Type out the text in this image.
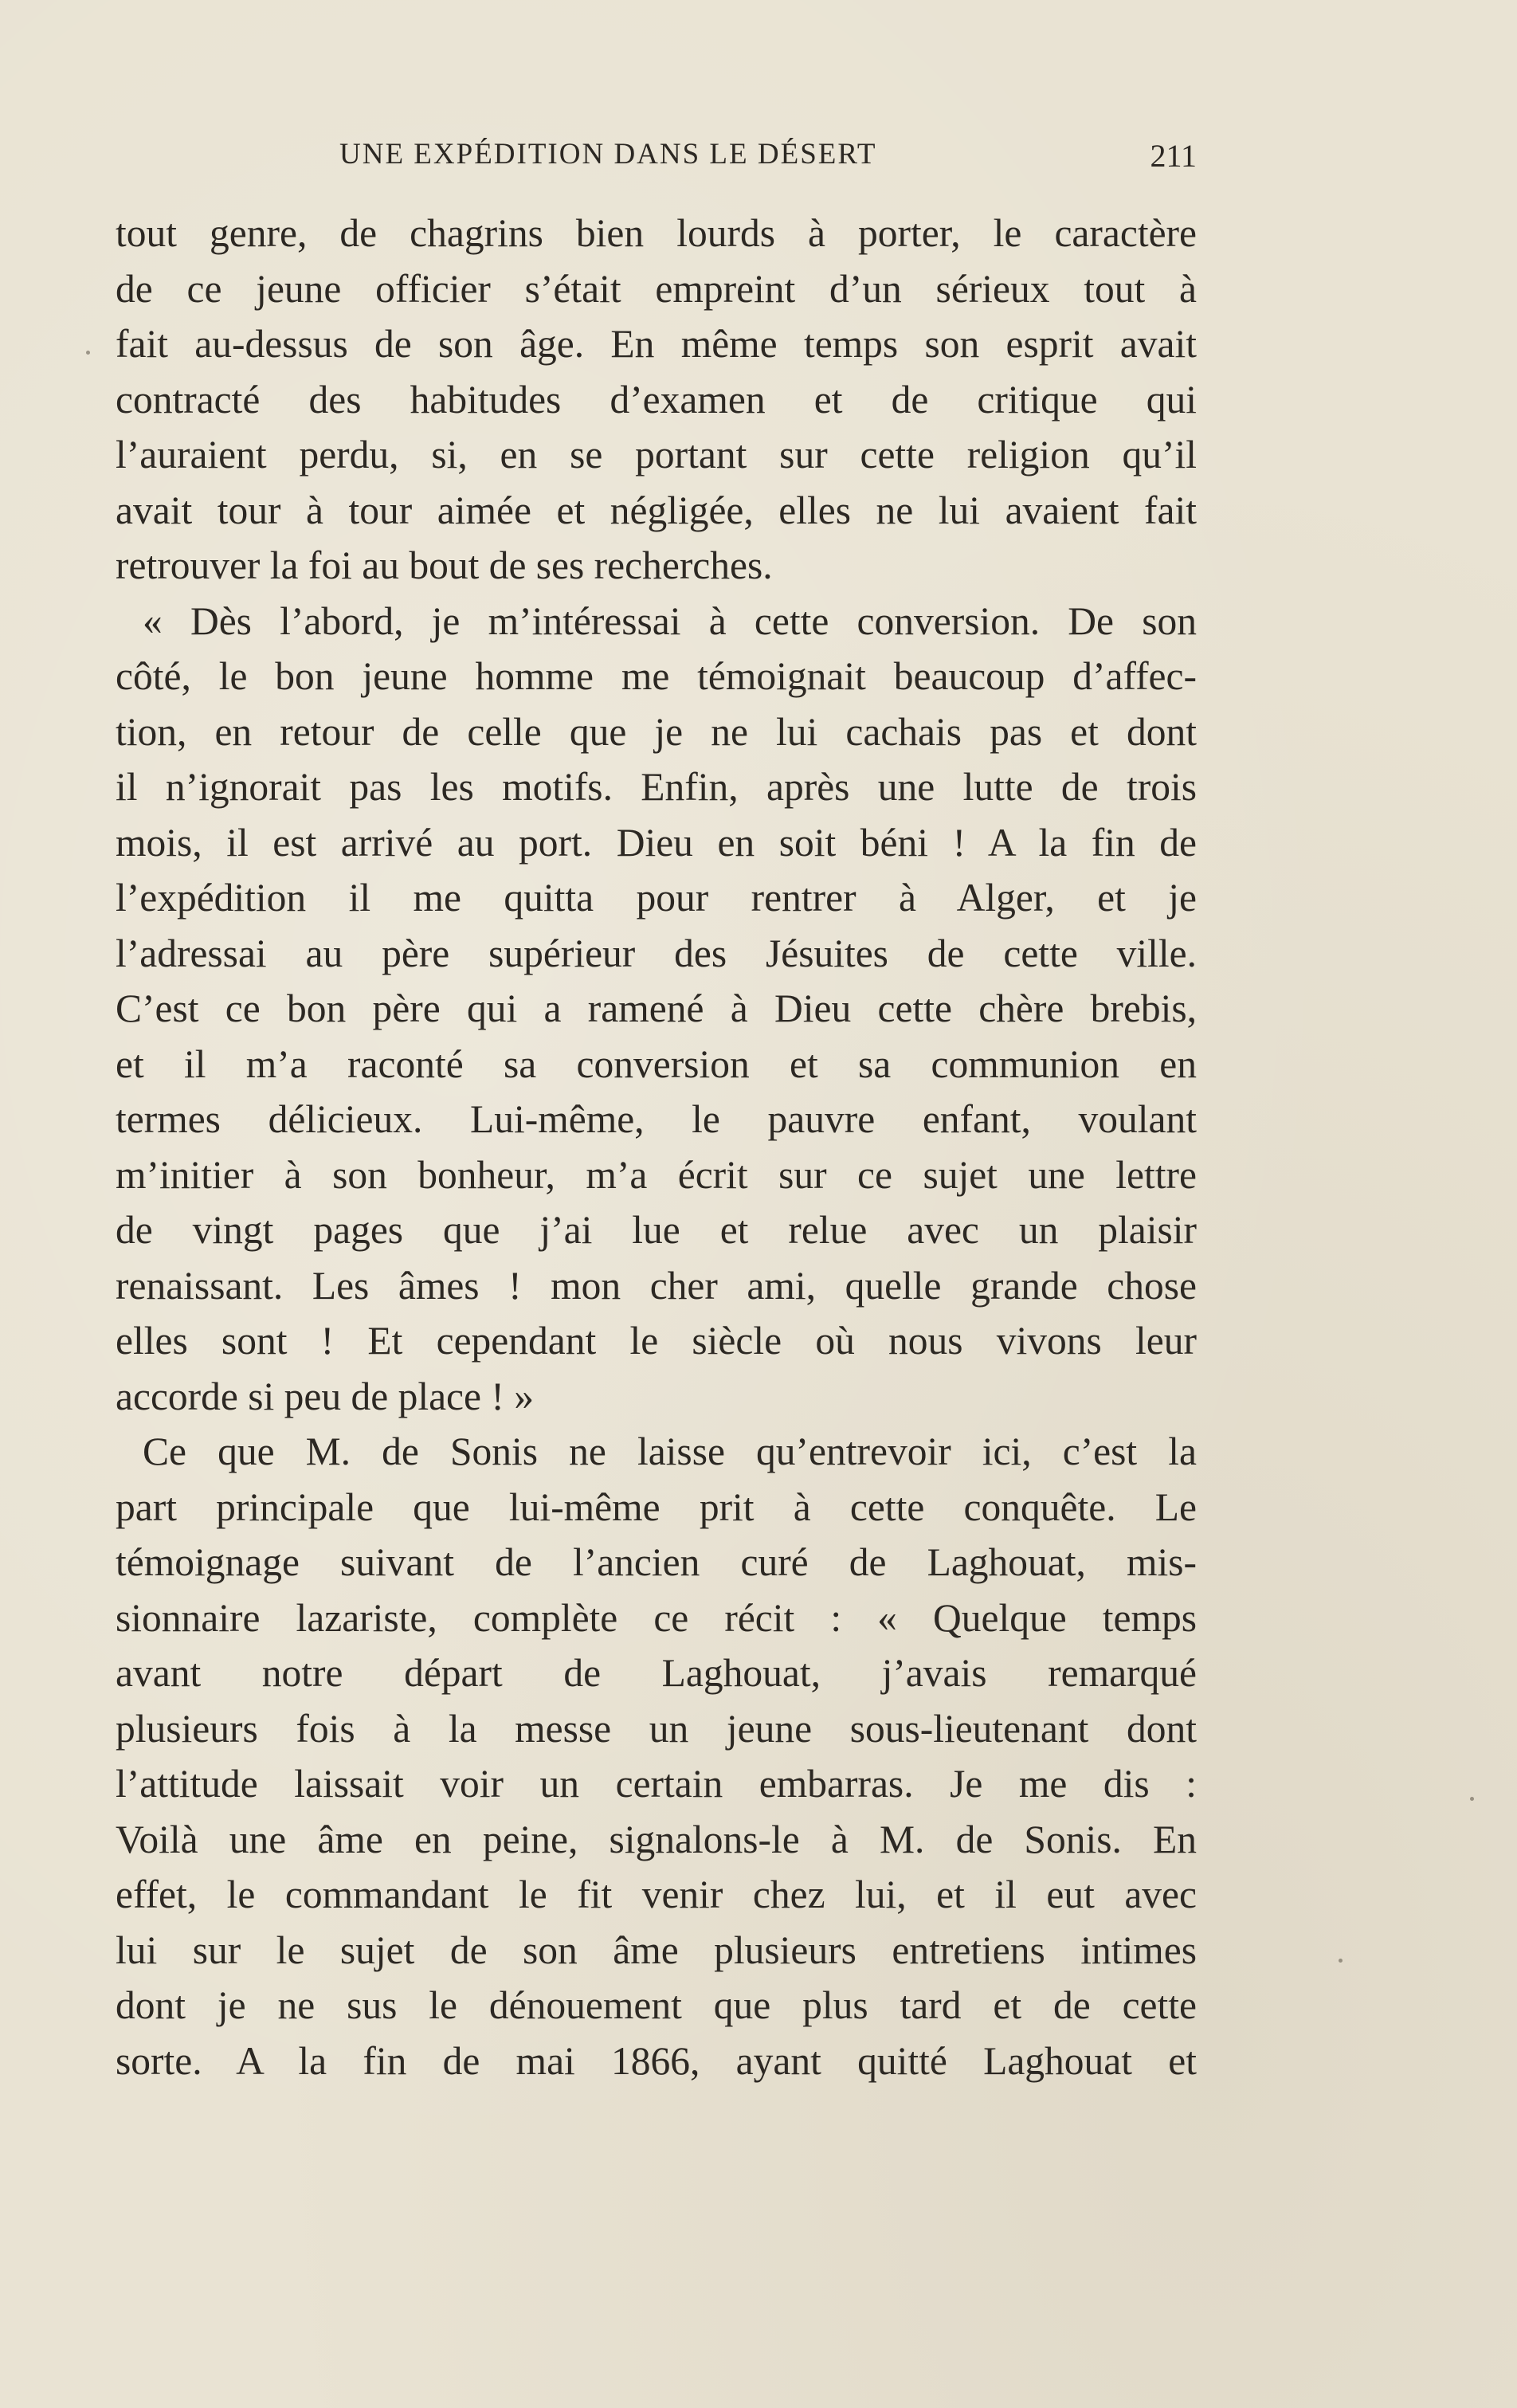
UNE EXPÉDITION DANS LE DÉSERT	211
tout genre, de chagrins bien lourds à porter, le caractère
de ce jeune officier s’était empreint d’un sérieux tout à
fait au-dessus de son âge. En même temps son esprit avait
contracté des habitudes d’examen et de critique qui
l’auraient perdu, si, en se portant sur cette religion qu’il
avait tour à tour aimée et négligée, elles ne lui avaient fait
retrouver la foi au bout de ses recherches.
« Dès l’abord, je m’intéressai à cette conversion. De son
côté, le bon jeune homme me témoignait beaucoup d’affec-
tion, en retour de celle que je ne lui cachais pas et dont
il n’ignorait pas les motifs. Enfin, après une lutte de trois
mois, il est arrivé au port. Dieu en soit béni ! A la fin de
l’expédition il me quitta pour rentrer à Alger, et je
l’adressai au père supérieur des Jésuites de cette ville.
C’est ce bon père qui a ramené à Dieu cette chère brebis,
et il m’a raconté sa conversion et sa communion en
termes délicieux. Lui-même, le pauvre enfant, voulant
m’initier à son bonheur, m’a écrit sur ce sujet une lettre
de vingt pages que j’ai lue et relue avec un plaisir
renaissant. Les âmes ! mon cher ami, quelle grande chose
elles sont ! Et cependant le siècle où nous vivons leur
accorde si peu de place ! »
Ce que M. de Sonis ne laisse qu’entrevoir ici, c’est la
part principale que lui-même prit à cette conquête. Le
témoignage suivant de l’ancien curé de Laghouat, mis-
sionnaire lazariste, complète ce récit : « Quelque temps
avant notre départ de Laghouat, j’avais remarqué
plusieurs fois à la messe un jeune sous-lieutenant dont
l’attitude laissait voir un certain embarras. Je me dis :
Voilà une âme en peine, signalons-le à M. de Sonis. En
effet, le commandant le fit venir chez lui, et il eut avec
lui sur le sujet de son âme plusieurs entretiens intimes
dont je ne sus le dénouement que plus tard et de cette
sorte. A la fin de mai 1866, ayant quitté Laghouat et
